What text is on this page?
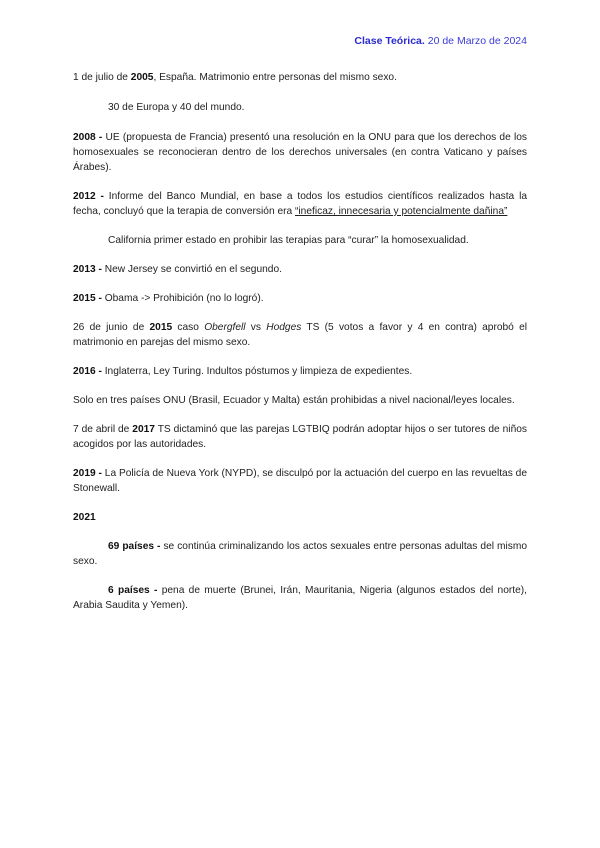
Clase Teórica. 20 de Marzo de 2024

1 de julio de 2005, España. Matrimonio entre personas del mismo sexo.

30 de Europa y 40 del mundo.

2008 - UE (propuesta de Francia) presentó una resolución en la ONU para que los derechos de los homosexuales se reconocieran dentro de los derechos universales (en contra Vaticano y países Árabes).

2012 - Informe del Banco Mundial, en base a todos los estudios científicos realizados hasta la fecha, concluyó que la terapia de conversión era “ineficaz, innecesaria y potencialmente dañina”

California primer estado en prohibir las terapias para “curar” la homosexualidad.

2013 - New Jersey se convirtió en el segundo.

2015 - Obama -> Prohibición (no lo logró).

26 de junio de 2015 caso Obergfell vs Hodges TS (5 votos a favor y 4 en contra) aprobó el matrimonio en parejas del mismo sexo.

2016 - Inglaterra, Ley Turing. Indultos póstumos y limpieza de expedientes.

Solo en tres países ONU (Brasil, Ecuador y Malta) están prohibidas a nivel nacional/leyes locales.

7 de abril de 2017 TS dictaminó que las parejas LGTBIQ podrán adoptar hijos o ser tutores de niños acogidos por las autoridades.

2019 - La Policía de Nueva York (NYPD), se disculpó por la actuación del cuerpo en las revueltas de Stonewall.

2021

69 países - se continúa criminalizando los actos sexuales entre personas adultas del mismo sexo.

6 países - pena de muerte (Brunei, Irán, Mauritania, Nigeria (algunos estados del norte), Arabia Saudita y Yemen).
